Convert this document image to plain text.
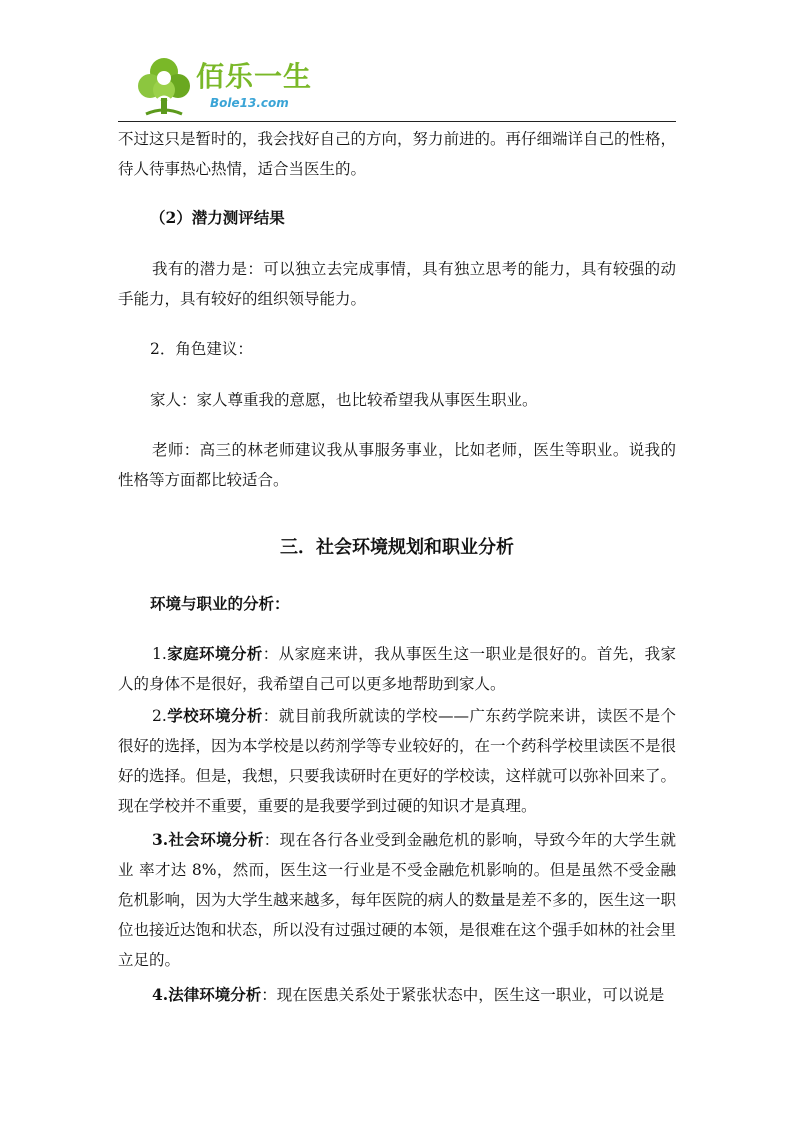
佰乐一生
Bole13.com

不过这只是暂时的，我会找好自己的方向，努力前进的。再仔细端详自己的性格，待人待事热心热情，适合当医生的。

（2）潜力测评结果

我有的潜力是：可以独立去完成事情，具有独立思考的能力，具有较强的动手能力，具有较好的组织领导能力。

2．角色建议：

家人：家人尊重我的意愿，也比较希望我从事医生职业。

老师：高三的林老师建议我从事服务事业，比如老师，医生等职业。说我的性格等方面都比较适合。

三．社会环境规划和职业分析

环境与职业的分析：

1.家庭环境分析：从家庭来讲，我从事医生这一职业是很好的。首先，我家人的身体不是很好，我希望自己可以更多地帮助到家人。

2.学校环境分析：就目前我所就读的学校——广东药学院来讲，读医不是个很好的选择，因为本学校是以药剂学等专业较好的，在一个药科学校里读医不是很好的选择。但是，我想，只要我读研时在更好的学校读，这样就可以弥补回来了。现在学校并不重要，重要的是我要学到过硬的知识才是真理。

3.社会环境分析：现在各行各业受到金融危机的影响，导致今年的大学生就业 率才达 8%，然而，医生这一行业是不受金融危机影响的。但是虽然不受金融危机影响，因为大学生越来越多，每年医院的病人的数量是差不多的，医生这一职位也接近达饱和状态，所以没有过强过硬的本领，是很难在这个强手如林的社会里立足的。

4.法律环境分析：现在医患关系处于紧张状态中，医生这一职业，可以说是
